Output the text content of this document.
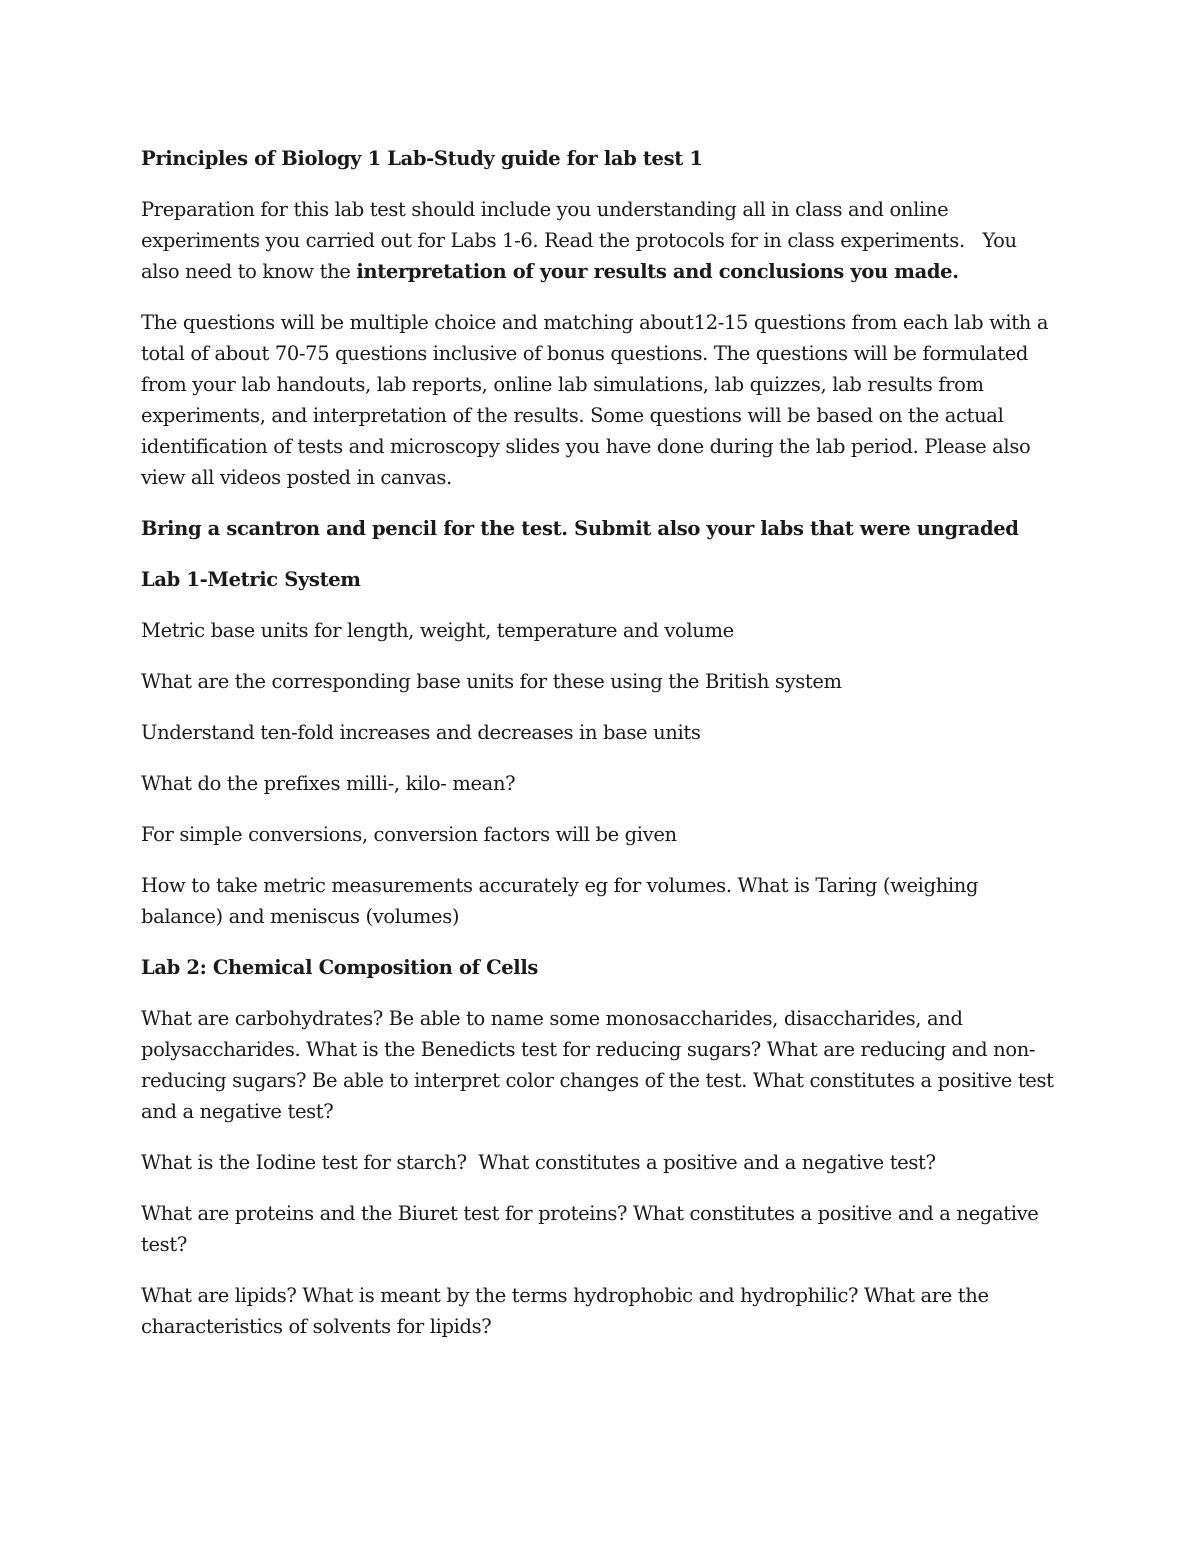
Principles of Biology 1 Lab-Study guide for lab test 1

Preparation for this lab test should include you understanding all in class and online experiments you carried out for Labs 1-6. Read the protocols for in class experiments.   You also need to know the interpretation of your results and conclusions you made.

The questions will be multiple choice and matching about12-15 questions from each lab with a total of about 70-75 questions inclusive of bonus questions. The questions will be formulated from your lab handouts, lab reports, online lab simulations, lab quizzes, lab results from experiments, and interpretation of the results. Some questions will be based on the actual identification of tests and microscopy slides you have done during the lab period. Please also view all videos posted in canvas.

Bring a scantron and pencil for the test. Submit also your labs that were ungraded

Lab 1-Metric System

Metric base units for length, weight, temperature and volume

What are the corresponding base units for these using the British system

Understand ten-fold increases and decreases in base units

What do the prefixes milli-, kilo- mean?

For simple conversions, conversion factors will be given

How to take metric measurements accurately eg for volumes. What is Taring (weighing balance) and meniscus (volumes)

Lab 2: Chemical Composition of Cells

What are carbohydrates? Be able to name some monosaccharides, disaccharides, and polysaccharides. What is the Benedicts test for reducing sugars? What are reducing and non-reducing sugars? Be able to interpret color changes of the test. What constitutes a positive test and a negative test?

What is the Iodine test for starch?  What constitutes a positive and a negative test?

What are proteins and the Biuret test for proteins? What constitutes a positive and a negative test?

What are lipids? What is meant by the terms hydrophobic and hydrophilic? What are the characteristics of solvents for lipids?
